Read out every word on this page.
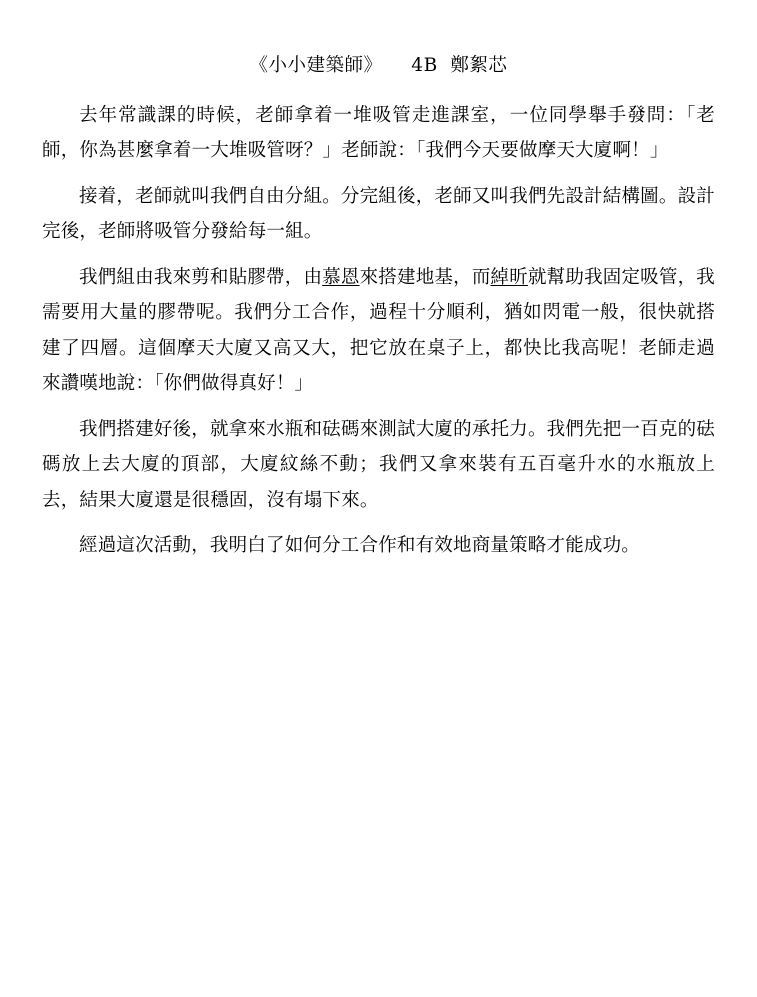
《小小建築師》　　4B  鄭絮芯

去年常識課的時候，老師拿着一堆吸管走進課室，一位同學舉手發問：「老師，你為甚麼拿着一大堆吸管呀？」老師說：「我們今天要做摩天大廈啊！」

接着，老師就叫我們自由分組。分完組後，老師又叫我們先設計結構圖。設計完後，老師將吸管分發給每一組。

我們組由我來剪和貼膠帶，由慕恩來搭建地基，而綽昕就幫助我固定吸管，我需要用大量的膠帶呢。我們分工合作，過程十分順利，猶如閃電一般，很快就搭建了四層。這個摩天大廈又高又大，把它放在桌子上，都快比我高呢！老師走過來讚嘆地說：「你們做得真好！」

我們搭建好後，就拿來水瓶和砝碼來測試大廈的承托力。我們先把一百克的砝碼放上去大廈的頂部，大廈紋絲不動；我們又拿來裝有五百毫升水的水瓶放上去，結果大廈還是很穩固，沒有塌下來。

經過這次活動，我明白了如何分工合作和有效地商量策略才能成功。
